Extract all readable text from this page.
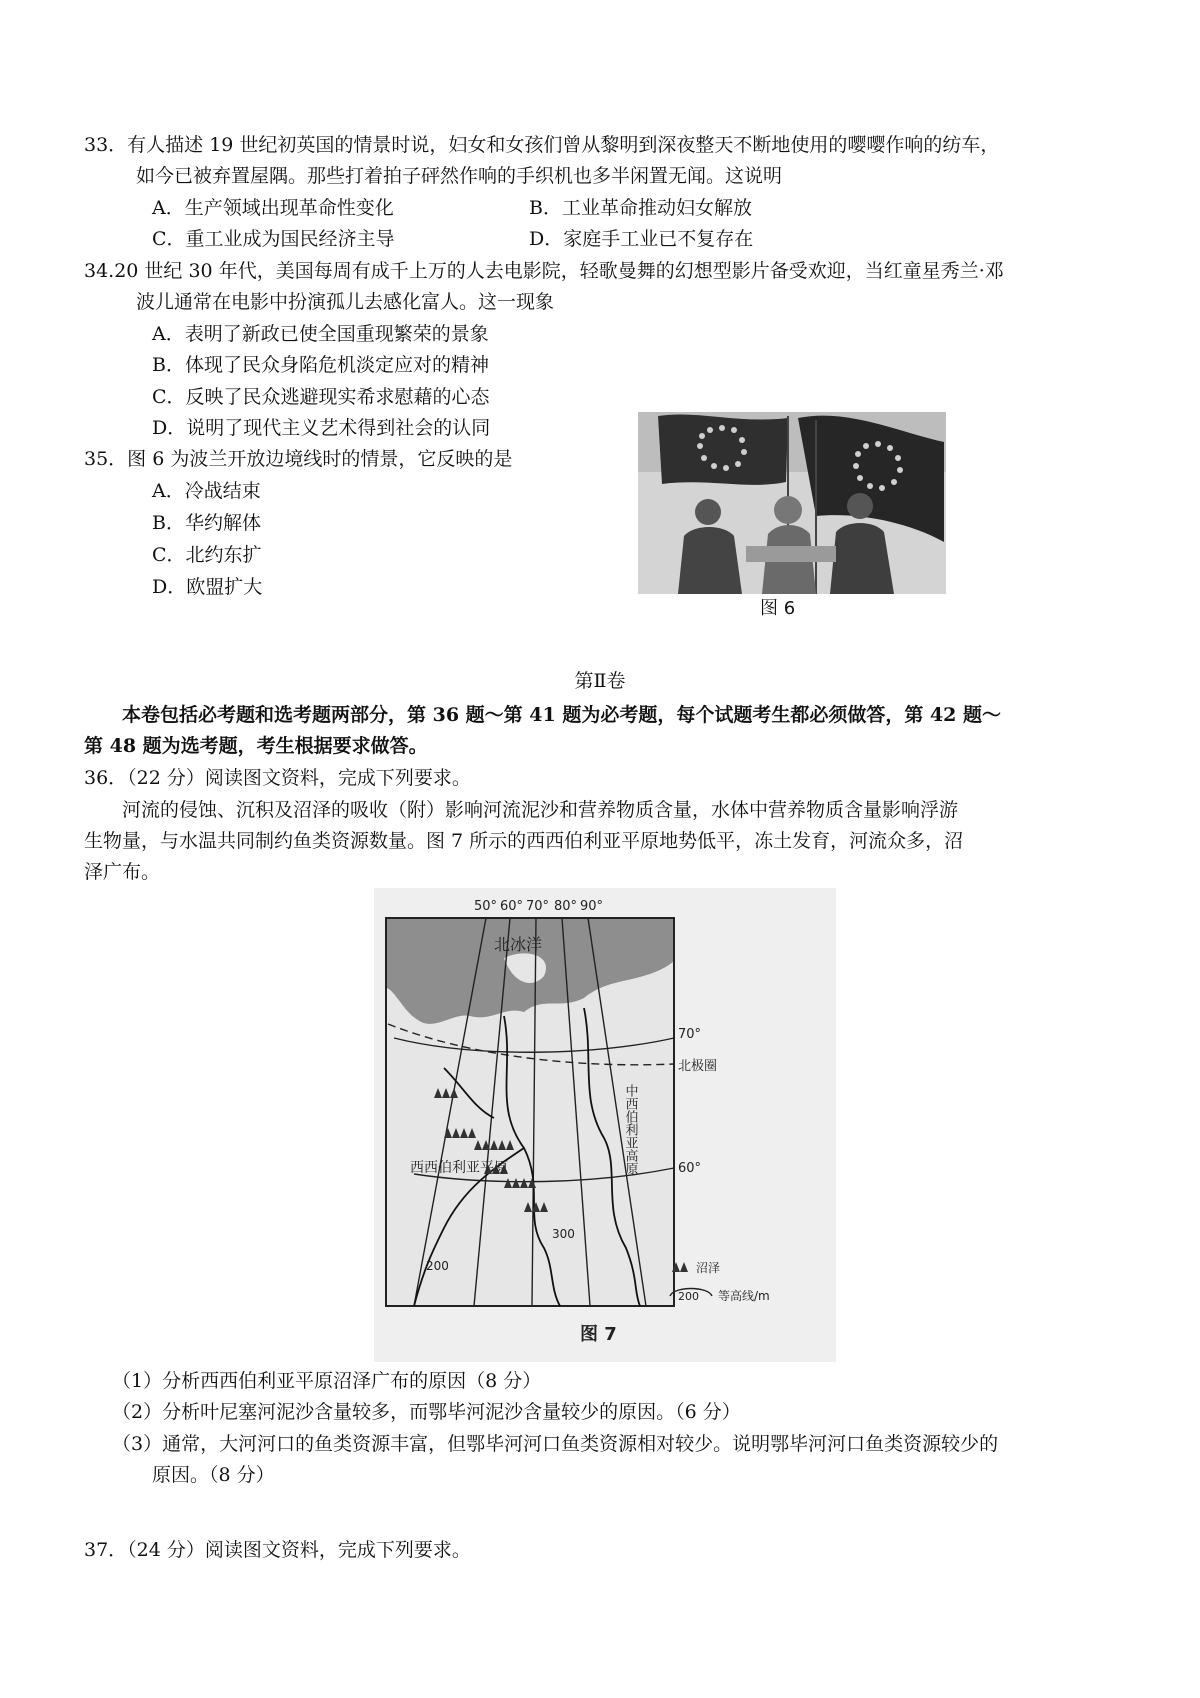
33．有人描述 19 世纪初英国的情景时说，妇女和女孩们曾从黎明到深夜整天不断地使用的嘤嘤作响的纺车，
如今已被弃置屋隅。那些打着拍子砰然作响的手织机也多半闲置无闻。这说明
A．生产领域出现革命性变化	B．工业革命推动妇女解放
C．重工业成为国民经济主导	D．家庭手工业已不复存在
34.20 世纪 30 年代，美国每周有成千上万的人去电影院，轻歌曼舞的幻想型影片备受欢迎，当红童星秀兰·邓
波儿通常在电影中扮演孤儿去感化富人。这一现象
A．表明了新政已使全国重现繁荣的景象
B．体现了民众身陷危机淡定应对的精神
C．反映了民众逃避现实希求慰藉的心态
D．说明了现代主义艺术得到社会的认同
35．图 6 为波兰开放边境线时的情景，它反映的是
A．冷战结束
B．华约解体
C．北约东扩
D．欧盟扩大
图 6
第Ⅱ卷
本卷包括必考题和选考题两部分，第 36 题～第 41 题为必考题，每个试题考生都必须做答，第 42 题～
第 48 题为选考题，考生根据要求做答。
36．（22 分）阅读图文资料，完成下列要求。
河流的侵蚀、沉积及沼泽的吸收（附）影响河流泥沙和营养物质含量，水体中营养物质含量影响浮游
生物量，与水温共同制约鱼类资源数量。图 7 所示的西西伯利亚平原地势低平，冻土发育，河流众多，沼
泽广布。
50° 60° 70° 80° 90°
70°
60°
北极圈
北冰洋
西西伯利亚平原	中西伯利亚高原
200
300
沼泽
200 等高线/m
图 7
（1）分析西西伯利亚平原沼泽广布的原因（8 分）
（2）分析叶尼塞河泥沙含量较多，而鄂毕河泥沙含量较少的原因。（6 分）
（3）通常，大河河口的鱼类资源丰富，但鄂毕河河口鱼类资源相对较少。说明鄂毕河河口鱼类资源较少的
原因。（8 分）
37．（24 分）阅读图文资料，完成下列要求。
